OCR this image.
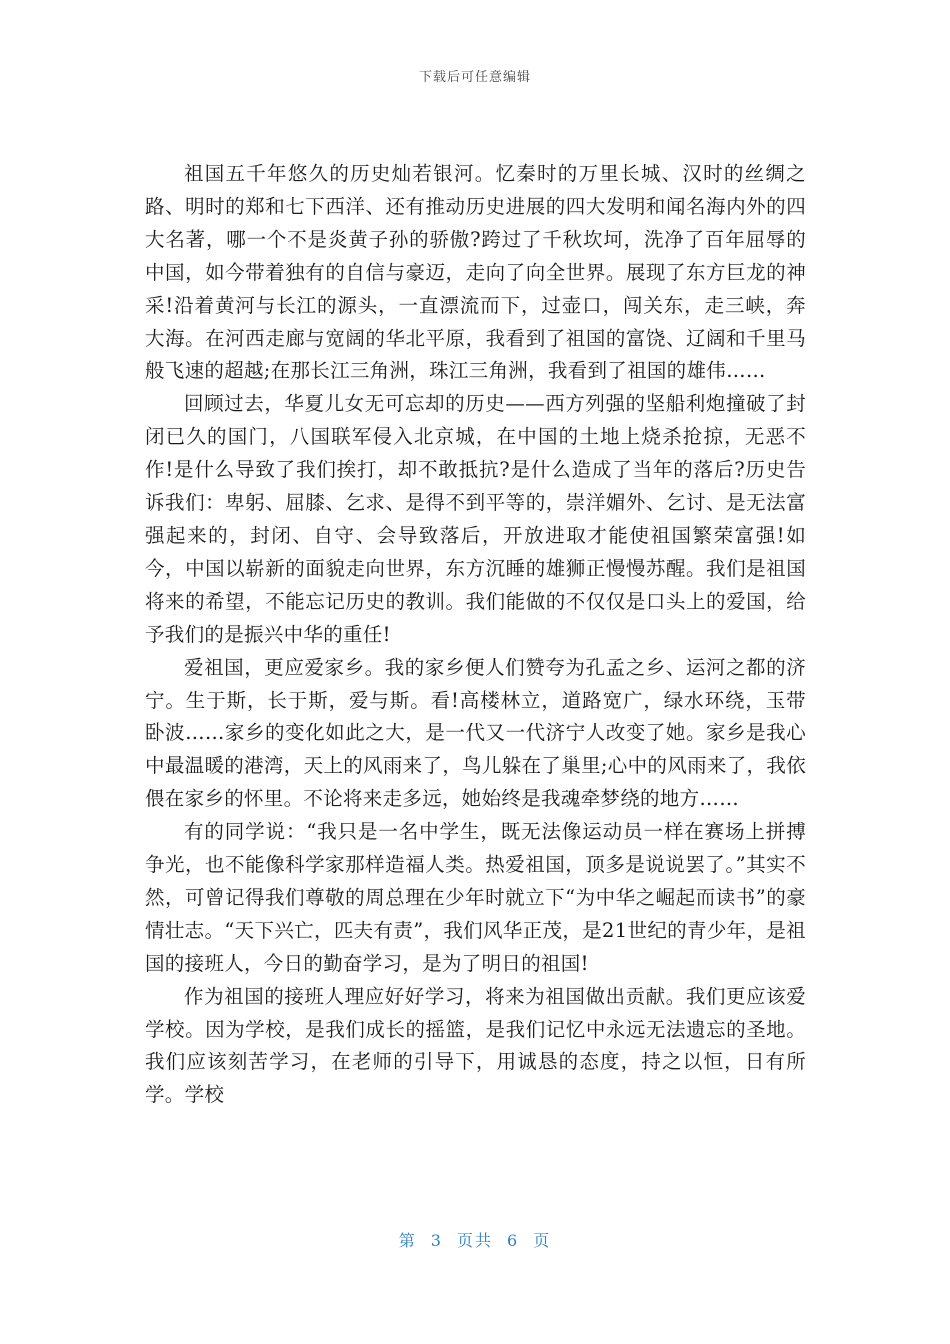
下载后可任意编辑

祖国五千年悠久的历史灿若银河。忆秦时的万里长城、汉时的丝绸之路、明时的郑和七下西洋、还有推动历史进展的四大发明和闻名海内外的四大名著，哪一个不是炎黄子孙的骄傲?跨过了千秋坎坷，洗净了百年屈辱的中国，如今带着独有的自信与豪迈，走向了向全世界。展现了东方巨龙的神采!沿着黄河与长江的源头，一直漂流而下，过壶口，闯关东，走三峡，奔大海。在河西走廊与宽阔的华北平原，我看到了祖国的富饶、辽阔和千里马般飞速的超越;在那长江三角洲，珠江三角洲，我看到了祖国的雄伟……

回顾过去，华夏儿女无可忘却的历史——西方列强的坚船利炮撞破了封闭已久的国门，八国联军侵入北京城，在中国的土地上烧杀抢掠，无恶不作!是什么导致了我们挨打，却不敢抵抗?是什么造成了当年的落后?历史告诉我们：卑躬、屈膝、乞求、是得不到平等的，崇洋媚外、乞讨、是无法富强起来的，封闭、自守、会导致落后，开放进取才能使祖国繁荣富强!如今，中国以崭新的面貌走向世界，东方沉睡的雄狮正慢慢苏醒。我们是祖国将来的希望，不能忘记历史的教训。我们能做的不仅仅是口头上的爱国，给予我们的是振兴中华的重任!

爱祖国，更应爱家乡。我的家乡便人们赞夸为孔孟之乡、运河之都的济宁。生于斯，长于斯，爱与斯。看!高楼林立，道路宽广，绿水环绕，玉带卧波……家乡的变化如此之大，是一代又一代济宁人改变了她。家乡是我心中最温暖的港湾，天上的风雨来了，鸟儿躲在了巢里;心中的风雨来了，我依偎在家乡的怀里。不论将来走多远，她始终是我魂牵梦绕的地方……

有的同学说：“我只是一名中学生，既无法像运动员一样在赛场上拼搏争光，也不能像科学家那样造福人类。热爱祖国，顶多是说说罢了。”其实不然，可曾记得我们尊敬的周总理在少年时就立下“为中华之崛起而读书”的豪情壮志。“天下兴亡，匹夫有责”，我们风华正茂，是21世纪的青少年，是祖国的接班人，今日的勤奋学习，是为了明日的祖国!

作为祖国的接班人理应好好学习，将来为祖国做出贡献。我们更应该爱学校。因为学校，是我们成长的摇篮，是我们记忆中永远无法遗忘的圣地。我们应该刻苦学习，在老师的引导下，用诚恳的态度，持之以恒，日有所学。学校

第 3 页共 6 页
